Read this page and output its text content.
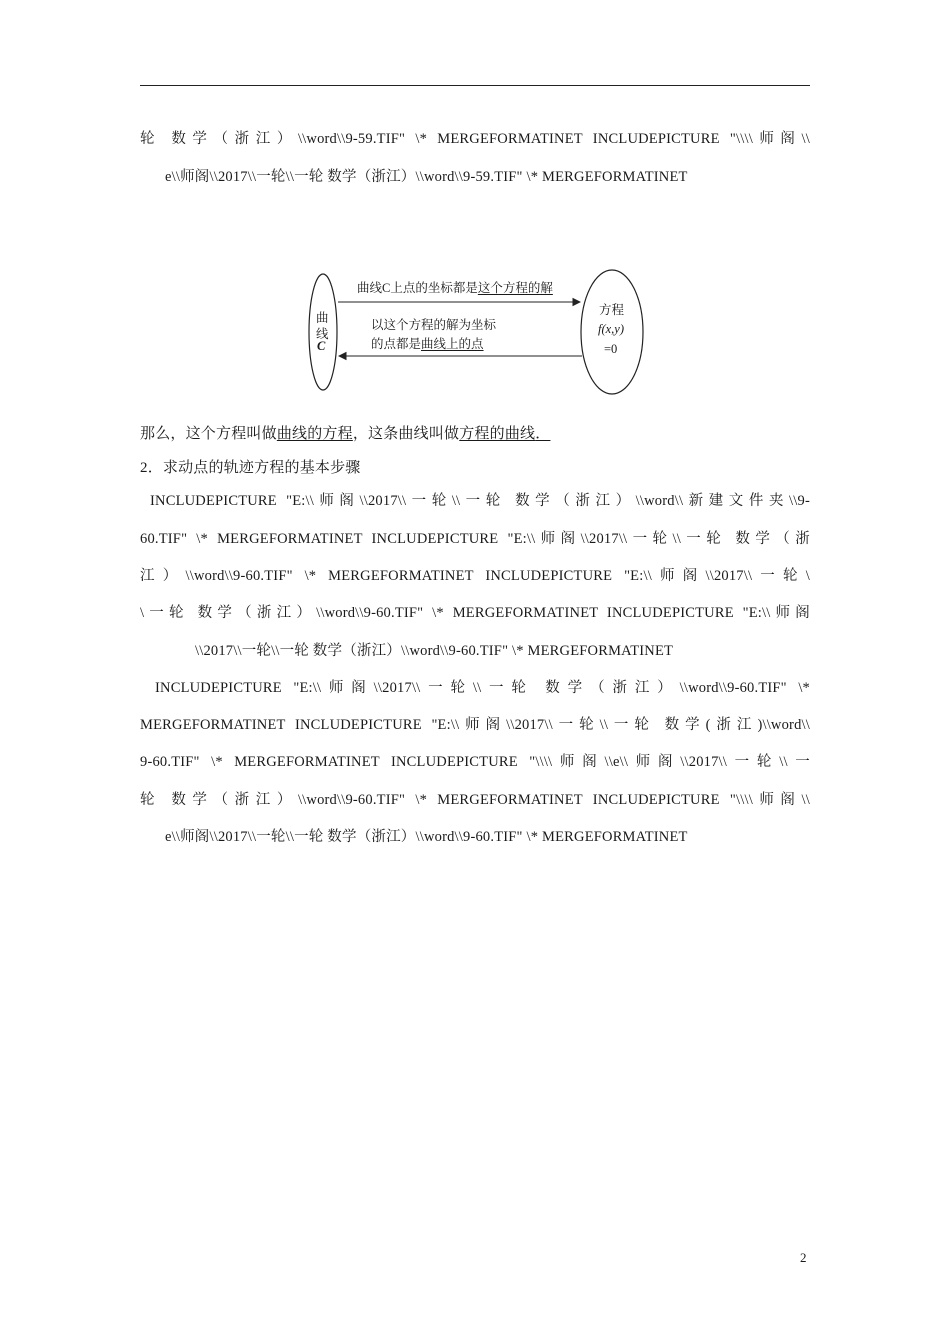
轮 数学（浙江）\\word\\9-59.TIF" \* MERGEFORMATINET INCLUDEPICTURE "\\\\师阁\\
e\\师阁\\2017\\一轮\\一轮 数学（浙江）\\word\\9-59.TIF" \* MERGEFORMATINET
曲
线
C
方程
f(x,y)
=0
曲线C上点的坐标都是这个方程的解
以这个方程的解为坐标
的点都是曲线上的点
那么，这个方程叫做曲线的方程，这条曲线叫做方程的曲线．
2．求动点的轨迹方程的基本步骤
INCLUDEPICTURE "E:\\师阁\\2017\\一轮\\一轮 数学（浙江）\\word\\新建文件夹\\9-
60.TIF" \* MERGEFORMATINET INCLUDEPICTURE "E:\\师阁\\2017\\一轮\\一轮 数学（浙
江）\\word\\9-60.TIF" \* MERGEFORMATINET INCLUDEPICTURE "E:\\师阁\\2017\\一轮\
\一轮 数学（浙江）\\word\\9-60.TIF" \* MERGEFORMATINET INCLUDEPICTURE "E:\\师阁
\\2017\\一轮\\一轮 数学（浙江）\\word\\9-60.TIF" \* MERGEFORMATINET
INCLUDEPICTURE "E:\\师阁\\2017\\一轮\\一轮 数学（浙江）\\word\\9-60.TIF" \*
MERGEFORMATINET INCLUDEPICTURE "E:\\师阁\\2017\\一轮\\一轮 数学(浙江)\\word\\
9-60.TIF" \* MERGEFORMATINET INCLUDEPICTURE "\\\\师阁\\e\\师阁\\2017\\一轮\\一
轮 数学（浙江）\\word\\9-60.TIF" \* MERGEFORMATINET INCLUDEPICTURE "\\\\师阁\\
e\\师阁\\2017\\一轮\\一轮 数学（浙江）\\word\\9-60.TIF" \* MERGEFORMATINET
2
